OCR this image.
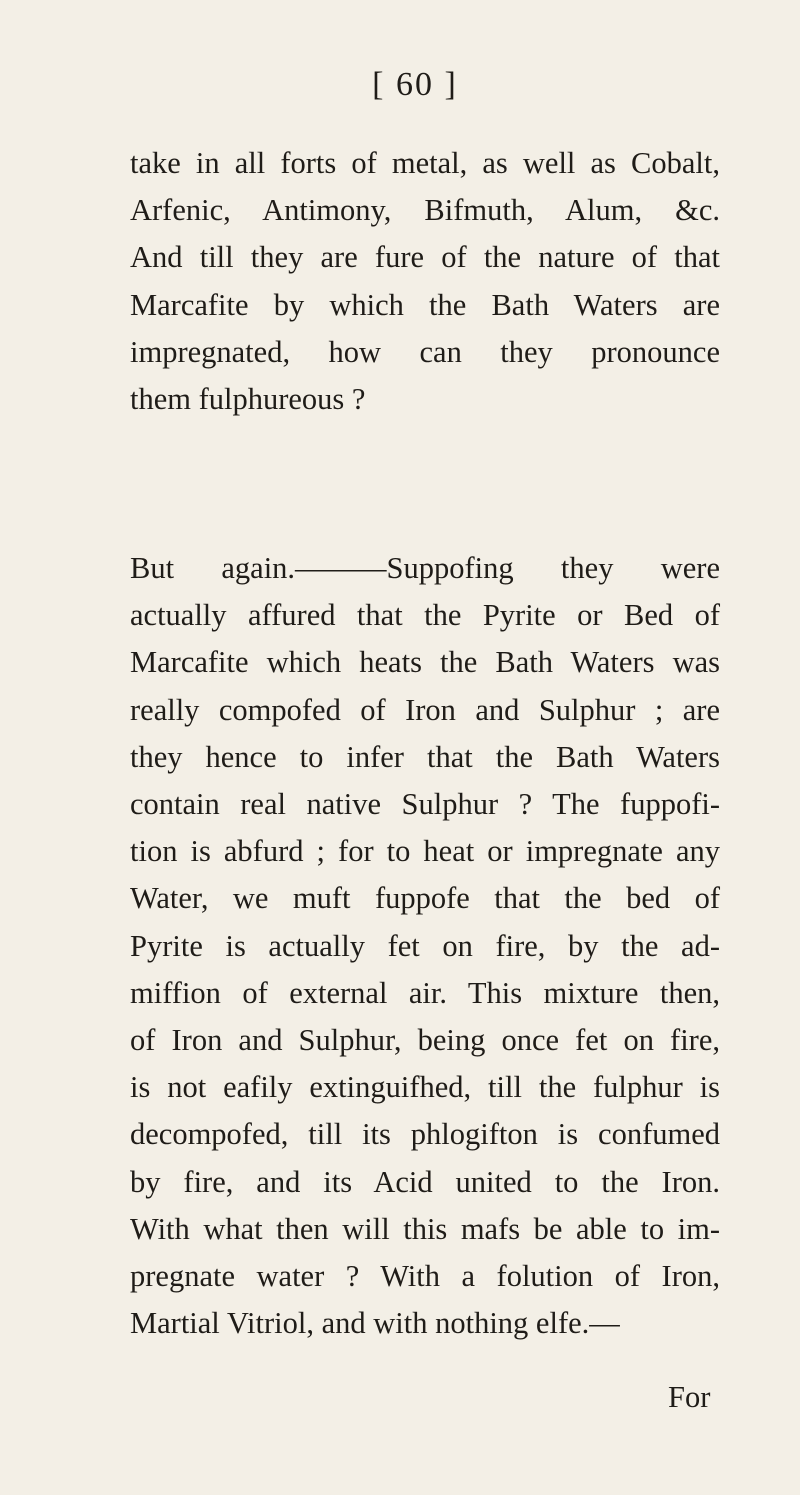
[ 60 ]
take in all forts of metal, as well as Cobalt,
Arfenic, Antimony, Bifmuth, Alum, &c.
And till they are fure of the nature of that
Marcafite by which the Bath Waters are
impregnated, how can they pronounce
them fulphureous ?
But again.———Suppofing they were
actually affured that the Pyrite or Bed of
Marcafite which heats the Bath Waters was
really compofed of Iron and Sulphur ; are
they hence to infer that the Bath Waters
contain real native Sulphur ? The fuppofi-
tion is abfurd ; for to heat or impregnate any
Water, we muft fuppofe that the bed of
Pyrite is actually fet on fire, by the ad-
miffion of external air. This mixture then,
of Iron and Sulphur, being once fet on fire,
is not eafily extinguifhed, till the fulphur is
decompofed, till its phlogifton is confumed
by fire, and its Acid united to the Iron.
With what then will this mafs be able to im-
pregnate water ? With a folution of Iron,
Martial Vitriol, and with nothing elfe.—
For
